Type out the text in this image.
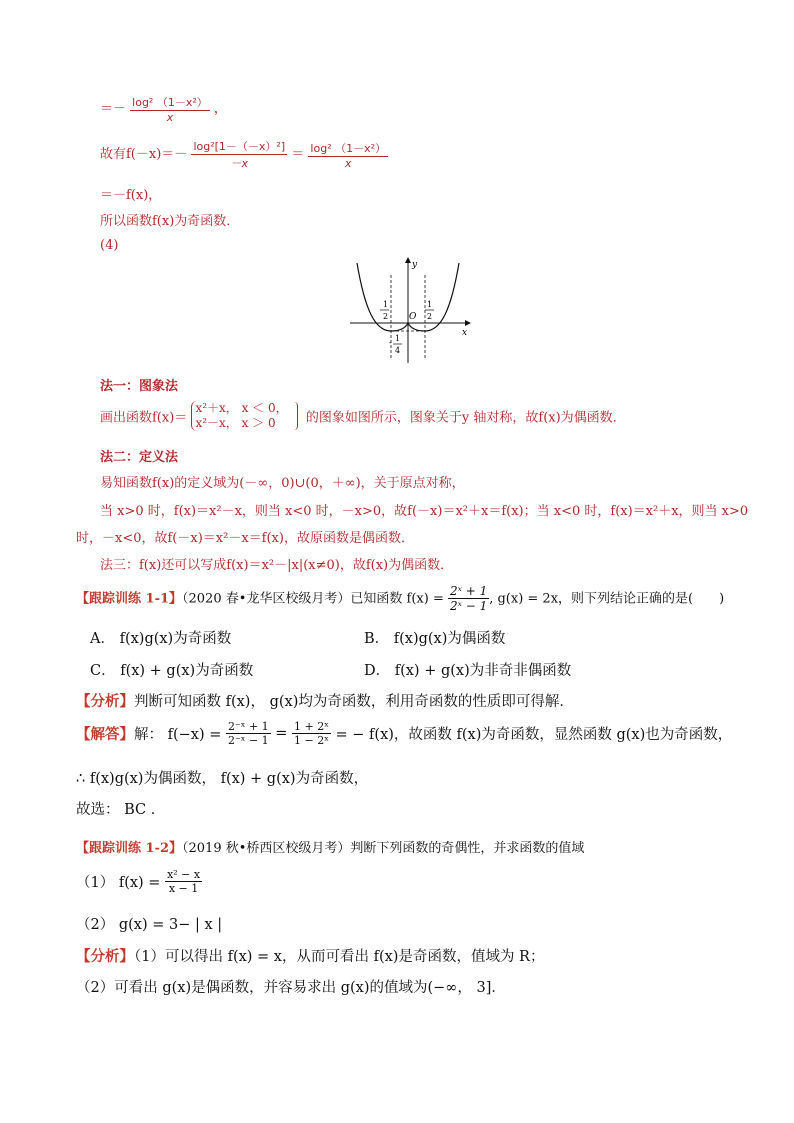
＝－ $\frac{\text{log² （1－x²）}}{x}$ ，
故有$f(-x)=- \frac{\text{log²[1－（－x）²]}}{-x} = \frac{\text{log² （1－x²）}}{x}$
＝－f(x)，
所以函数f(x)为奇函数．
(4)
y
x
O
1
2
1
2
- 1
4
法一：图象法
画出函数f(x)＝
x²＋x， x ＜ 0，
x²－x， x ＞ 0	的图象如图所示，图象关于y 轴对称，故f(x)为偶函数．
法二：定义法
易知函数f(x)的定义域为(－∞，0)∪(0，＋∞)，关于原点对称，
当 x>0 时，f(x)＝x²－x，则当 x<0 时，－x>0，故f(－x)＝x²＋x＝f(x)；当 x<0 时，f(x)＝x²＋x，则当 x>0
时，－x<0，故f(－x)＝x²－x＝f(x)，故原函数是偶函数．
法三：f(x)还可以写成f(x)＝x²－|x|(x≠0)，故f(x)为偶函数．
【跟踪训练 1-1】（2020 春•龙华区校级月考）已知函数 $f(x) = \frac{\text{2ˣ + 1}}{\text{2ˣ − 1}}$ , g(x) = 2x，则下列结论正确的是(　　)
A． f(x)g(x)为奇函数	B． f(x)g(x)为偶函数
C． f(x) + g(x)为奇函数	D． f(x) + g(x)为非奇非偶函数
【分析】判断可知函数 f(x)， g(x)均为奇函数，利用奇函数的性质即可得解．
【解答】解： $f(-x) = \frac{\text{2⁻ˣ + 1}}{\text{2⁻ˣ − 1}} = \frac{\text{1 + 2ˣ}}{\text{1 − 2ˣ}}$ = − f(x)，故函数 f(x)为奇函数，显然函数 g(x)也为奇函数，
∴ f(x)g(x)为偶函数， f(x) + g(x)为奇函数，
故选： BC ．
【跟踪训练 1-2】（2019 秋•桥西区校级月考）判断下列函数的奇偶性，并求函数的值域
（1） $f(x) = \frac{\text{x² − x}}{x - 1}$
（2） g(x) = 3− | x |
【分析】（1）可以得出 f(x) = x，从而可看出 f(x)是奇函数，值域为 R；
（2）可看出 g(x)是偶函数，并容易求出 g(x)的值域为(−∞， 3]．
